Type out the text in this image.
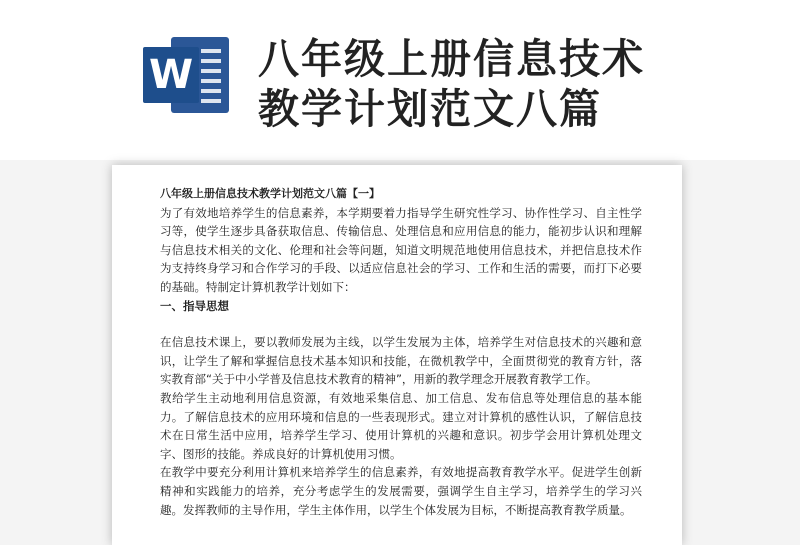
W 八年级上册信息技术
教学计划范文八篇

八年级上册信息技术教学计划范文八篇【一】

为了有效地培养学生的信息素养，本学期要着力指导学生研究性学习、协作性学习、自主性学习等，使学生逐步具备获取信息、传输信息、处理信息和应用信息的能力，能初步认识和理解与信息技术相关的文化、伦理和社会等问题，知道文明规范地使用信息技术，并把信息技术作为支持终身学习和合作学习的手段、以适应信息社会的学习、工作和生活的需要，而打下必要的基础。特制定计算机教学计划如下：

一、指导思想

在信息技术课上，要以教师发展为主线，以学生发展为主体，培养学生对信息技术的兴趣和意识，让学生了解和掌握信息技术基本知识和技能，在微机教学中，全面贯彻党的教育方针，落实教育部“关于中小学普及信息技术教育的精神”，用新的教学理念开展教育教学工作。

教给学生主动地利用信息资源，有效地采集信息、加工信息、发布信息等处理信息的基本能力。了解信息技术的应用环境和信息的一些表现形式。建立对计算机的感性认识，了解信息技术在日常生活中应用，培养学生学习、使用计算机的兴趣和意识。初步学会用计算机处理文字、图形的技能。养成良好的计算机使用习惯。

在教学中要充分利用计算机来培养学生的信息素养，有效地提高教育教学水平。促进学生创新精神和实践能力的培养，充分考虑学生的发展需要，强调学生自主学习，培养学生的学习兴趣。发挥教师的主导作用，学生主体作用，以学生个体发展为目标，不断提高教育教学质量。
